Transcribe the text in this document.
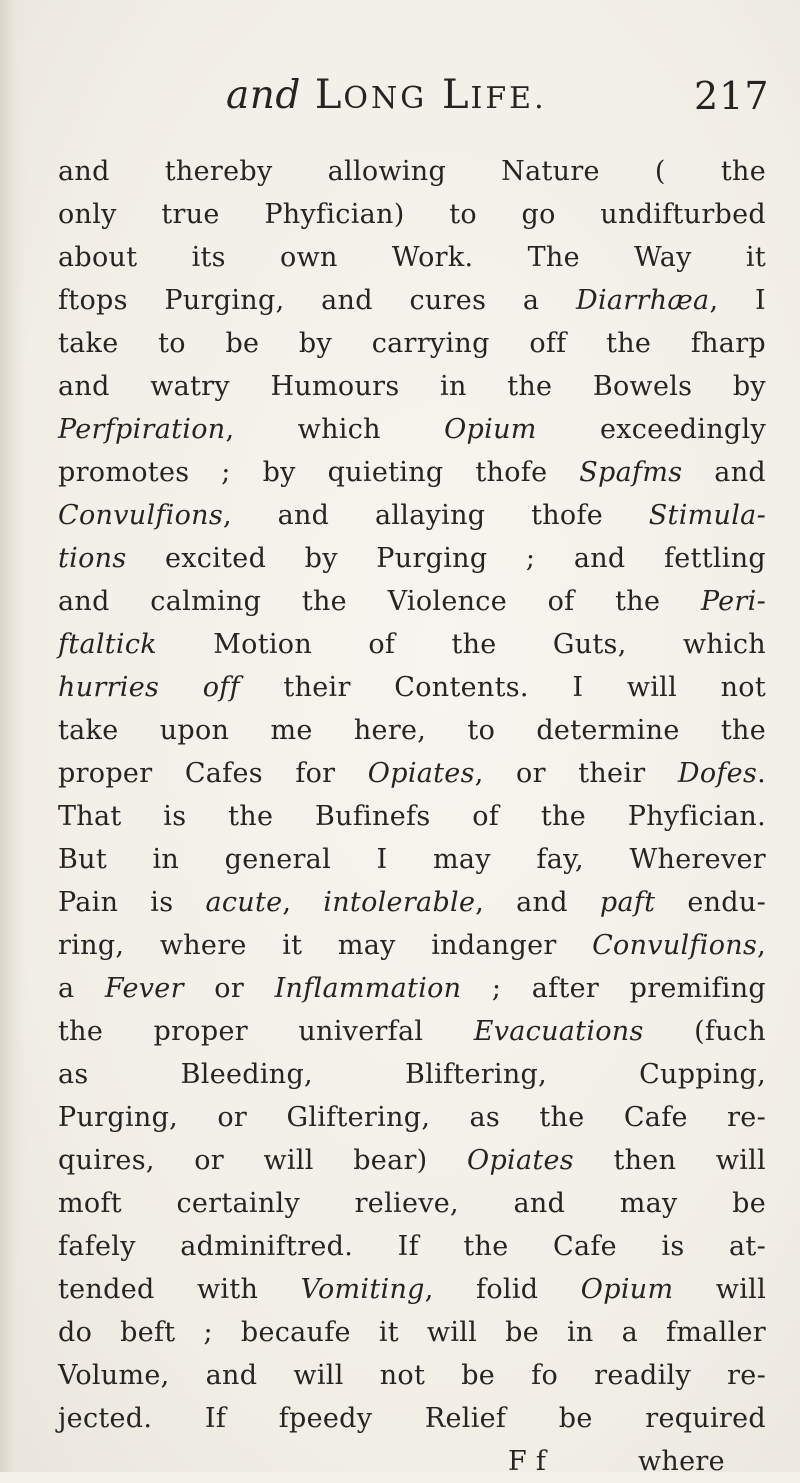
and LONG LIFE.	217
and thereby allowing Nature ( the
only true Phyfician) to go undifturbed
about its own Work. The Way it
ftops Purging, and cures a Diarrhæa, I
take to be by carrying off the fharp
and watry Humours in the Bowels by
Perfpiration, which Opium exceedingly
promotes ; by quieting thofe Spafms and
Convulfions, and allaying thofe Stimula-
tions excited by Purging ; and fettling
and calming the Violence of the Peri-
ftaltick Motion of the Guts, which
hurries off their Contents. I will not
take upon me here, to determine the
proper Cafes for Opiates, or their Dofes.
That is the Bufinefs of the Phyfician.
But in general I may fay, Wherever
Pain is acute, intolerable, and paft endu-
ring, where it may indanger Convulfions,
a Fever or Inflammation ; after premifing
the proper univerfal Evacuations (fuch
as Bleeding, Bliftering, Cupping,
Purging, or Gliftering, as the Cafe re-
quires, or will bear) Opiates then will
moft certainly relieve, and may be
fafely adminiftred. If the Cafe is at-
tended with Vomiting, folid Opium will
do beft ; becaufe it will be in a fmaller
Volume, and will not be fo readily re-
jected. If fpeedy Relief be required
F f	where
